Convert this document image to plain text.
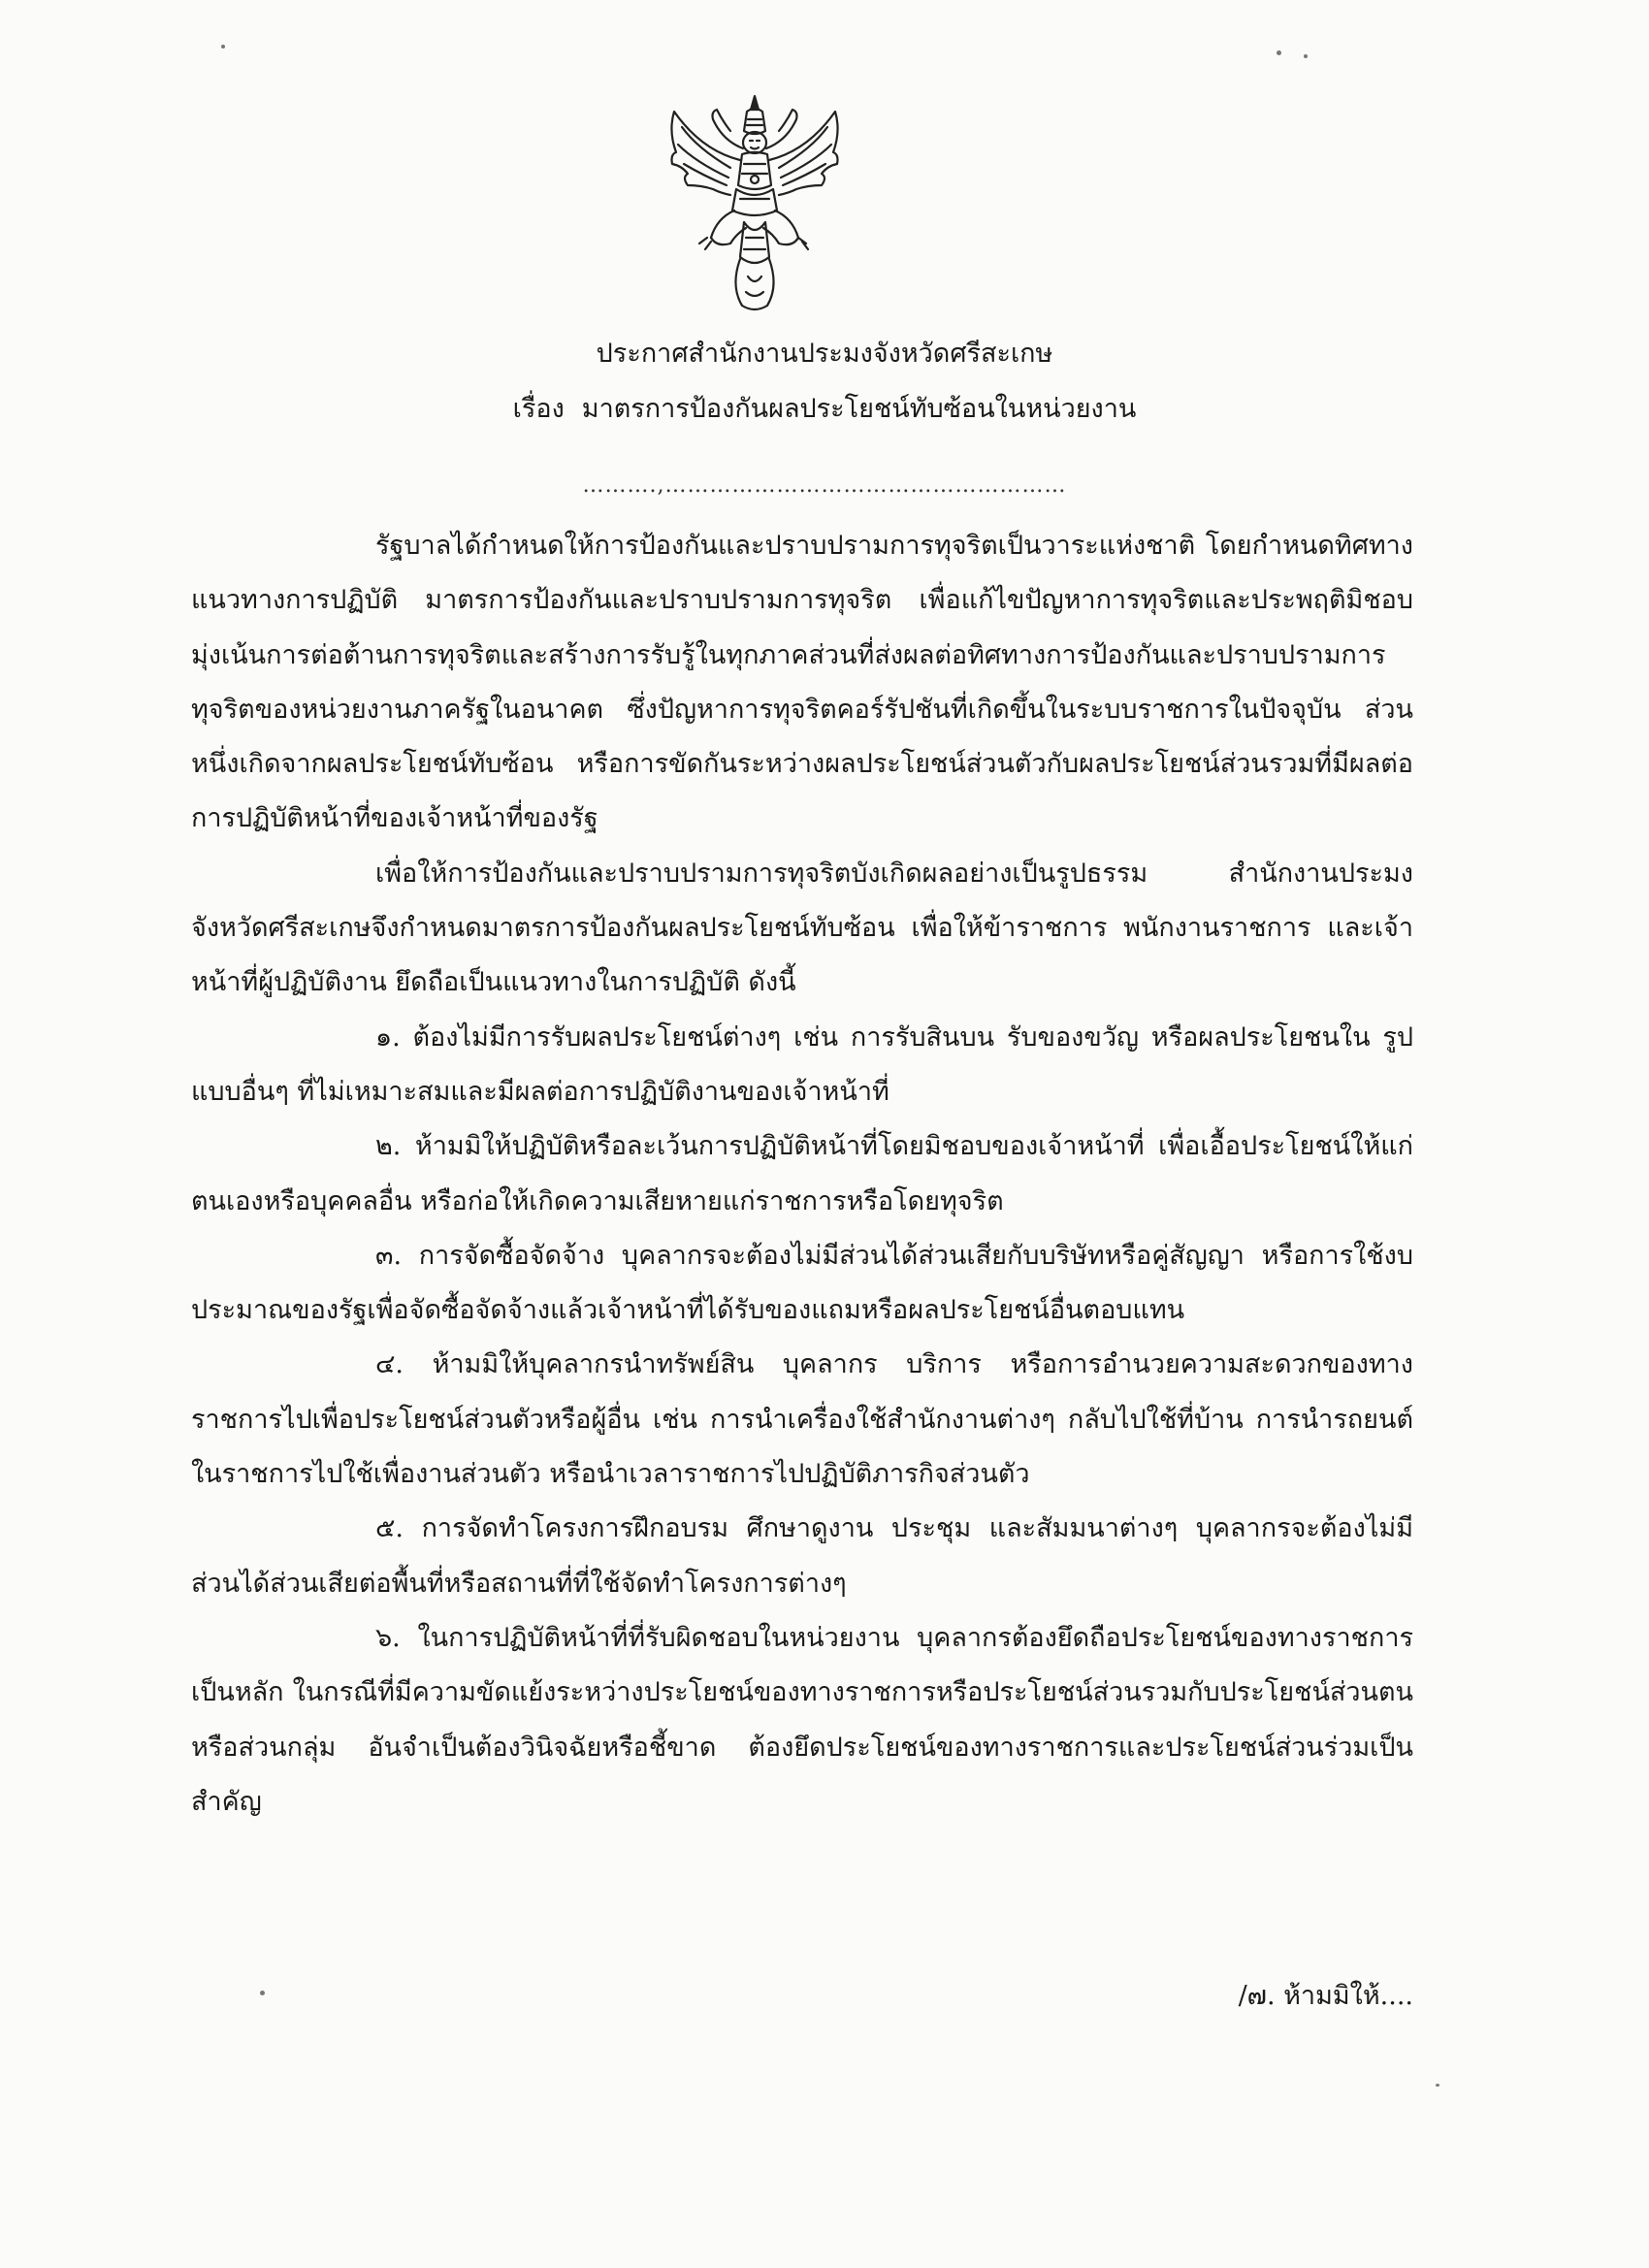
ประกาศสำนักงานประมงจังหวัดศรีสะเกษ
เรื่อง มาตรการป้องกันผลประโยชน์ทับซ้อนในหน่วยงาน
……….,………………………………………………

รัฐบาลได้กำหนดให้การป้องกันและปราบปรามการทุจริตเป็นวาระแห่งชาติ โดยกำหนดทิศทางแนวทางการปฏิบัติ มาตรการป้องกันและปราบปรามการทุจริต เพื่อแก้ไขปัญหาการทุจริตและประพฤติมิชอบ มุ่งเน้นการต่อต้านการทุจริตและสร้างการรับรู้ในทุกภาคส่วนที่ส่งผลต่อทิศทางการป้องกันและปราบปรามการทุจริตของหน่วยงานภาครัฐในอนาคต ซึ่งปัญหาการทุจริตคอร์รัปชันที่เกิดขึ้นในระบบราชการในปัจจุบัน ส่วนหนึ่งเกิดจากผลประโยชน์ทับซ้อน หรือการขัดกันระหว่างผลประโยชน์ส่วนตัวกับผลประโยชน์ส่วนรวมที่มีผลต่อการปฏิบัติหน้าที่ของเจ้าหน้าที่ของรัฐ

เพื่อให้การป้องกันและปราบปรามการทุจริตบังเกิดผลอย่างเป็นรูปธรรม สำนักงานประมงจังหวัดศรีสะเกษจึงกำหนดมาตรการป้องกันผลประโยชน์ทับซ้อน เพื่อให้ข้าราชการ พนักงานราชการ และเจ้าหน้าที่ผู้ปฏิบัติงาน ยึดถือเป็นแนวทางในการปฏิบัติ ดังนี้

๑. ต้องไม่มีการรับผลประโยชน์ต่างๆ เช่น การรับสินบน รับของขวัญ หรือผลประโยชนใน รูปแบบอื่นๆ ที่ไม่เหมาะสมและมีผลต่อการปฏิบัติงานของเจ้าหน้าที่

๒. ห้ามมิให้ปฏิบัติหรือละเว้นการปฏิบัติหน้าที่โดยมิชอบของเจ้าหน้าที่ เพื่อเอื้อประโยชน์ให้แก่ตนเองหรือบุคคลอื่น หรือก่อให้เกิดความเสียหายแก่ราชการหรือโดยทุจริต

๓. การจัดซื้อจัดจ้าง บุคลากรจะต้องไม่มีส่วนได้ส่วนเสียกับบริษัทหรือคู่สัญญา หรือการใช้งบประมาณของรัฐเพื่อจัดซื้อจัดจ้างแล้วเจ้าหน้าที่ได้รับของแถมหรือผลประโยชน์อื่นตอบแทน

๔. ห้ามมิให้บุคลากรนำทรัพย์สิน บุคลากร บริการ หรือการอำนวยความสะดวกของทางราชการไปเพื่อประโยชน์ส่วนตัวหรือผู้อื่น เช่น การนำเครื่องใช้สำนักงานต่างๆ กลับไปใช้ที่บ้าน การนำรถยนต์ในราชการไปใช้เพื่องานส่วนตัว หรือนำเวลาราชการไปปฏิบัติภารกิจส่วนตัว

๕. การจัดทำโครงการฝึกอบรม ศึกษาดูงาน ประชุม และสัมมนาต่างๆ บุคลากรจะต้องไม่มีส่วนได้ส่วนเสียต่อพื้นที่หรือสถานที่ที่ใช้จัดทำโครงการต่างๆ

๖. ในการปฏิบัติหน้าที่ที่รับผิดชอบในหน่วยงาน บุคลากรต้องยึดถือประโยชน์ของทางราชการเป็นหลัก ในกรณีที่มีความขัดแย้งระหว่างประโยชน์ของทางราชการหรือประโยชน์ส่วนรวมกับประโยชน์ส่วนตนหรือส่วนกลุ่ม อันจำเป็นต้องวินิจฉัยหรือชี้ขาด ต้องยึดประโยชน์ของทางราชการและประโยชน์ส่วนร่วมเป็นสำคัญ

/๗. ห้ามมิให้....
